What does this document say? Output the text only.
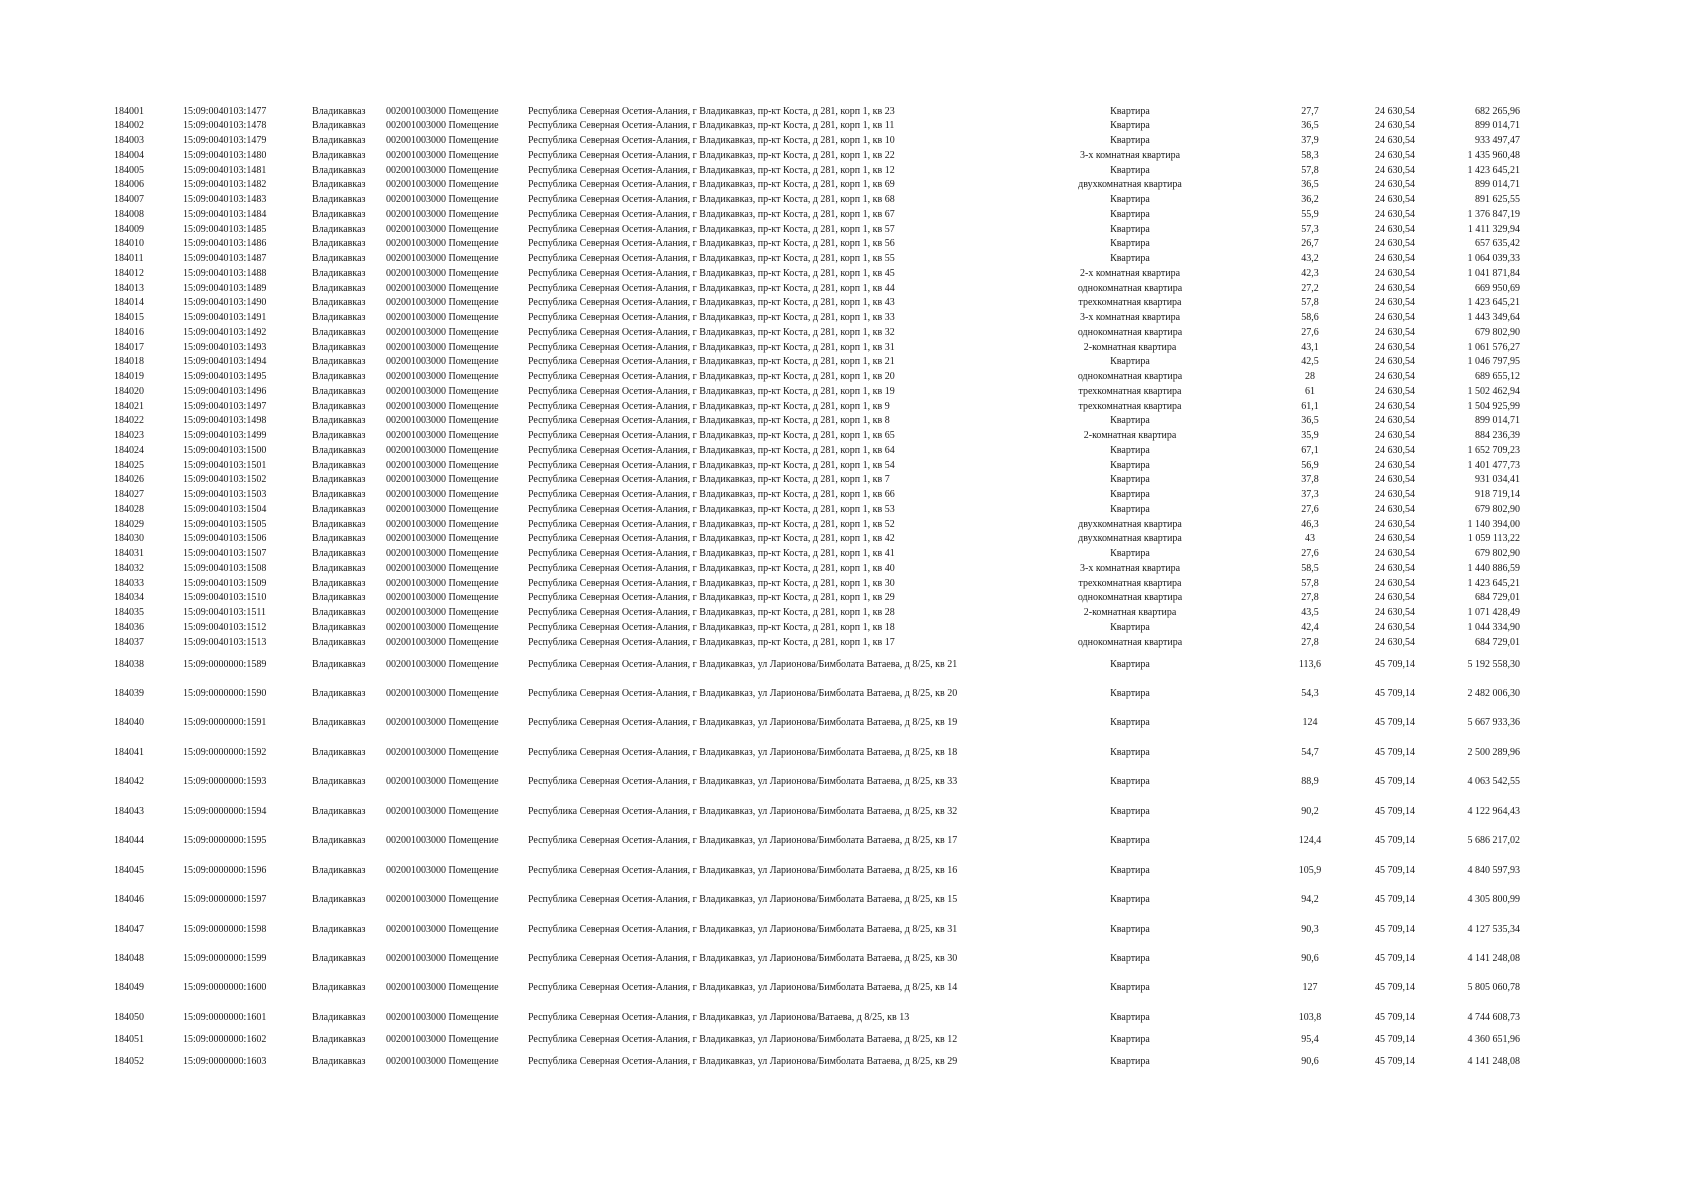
184001	15:09:0040103:1477	Владикавказ 002001003000 Помещение	Республика Северная Осетия-Алания, г Владикавказ, пр-кт Коста, д 281, корп 1, кв 23	Квартира	27,7	24 630,54	682 265,96
184002	15:09:0040103:1478	Владикавказ 002001003000 Помещение	Республика Северная Осетия-Алания, г Владикавказ, пр-кт Коста, д 281, корп 1, кв 11	Квартира	36,5	24 630,54	899 014,71
184003	15:09:0040103:1479	Владикавказ 002001003000 Помещение	Республика Северная Осетия-Алания, г Владикавказ, пр-кт Коста, д 281, корп 1, кв 10	Квартира	37,9	24 630,54	933 497,47
184004	15:09:0040103:1480	Владикавказ 002001003000 Помещение	Республика Северная Осетия-Алания, г Владикавказ, пр-кт Коста, д 281, корп 1, кв 22	3-х комнатная квартира	58,3	24 630,54	1 435 960,48
184005	15:09:0040103:1481	Владикавказ 002001003000 Помещение	Республика Северная Осетия-Алания, г Владикавказ, пр-кт Коста, д 281, корп 1, кв 12	Квартира	57,8	24 630,54	1 423 645,21
184006	15:09:0040103:1482	Владикавказ 002001003000 Помещение	Республика Северная Осетия-Алания, г Владикавказ, пр-кт Коста, д 281, корп 1, кв 69	двухкомнатная квартира	36,5	24 630,54	899 014,71
184007	15:09:0040103:1483	Владикавказ 002001003000 Помещение	Республика Северная Осетия-Алания, г Владикавказ, пр-кт Коста, д 281, корп 1, кв 68	Квартира	36,2	24 630,54	891 625,55
184008	15:09:0040103:1484	Владикавказ 002001003000 Помещение	Республика Северная Осетия-Алания, г Владикавказ, пр-кт Коста, д 281, корп 1, кв 67	Квартира	55,9	24 630,54	1 376 847,19
184009	15:09:0040103:1485	Владикавказ 002001003000 Помещение	Республика Северная Осетия-Алания, г Владикавказ, пр-кт Коста, д 281, корп 1, кв 57	Квартира	57,3	24 630,54	1 411 329,94
184010	15:09:0040103:1486	Владикавказ 002001003000 Помещение	Республика Северная Осетия-Алания, г Владикавказ, пр-кт Коста, д 281, корп 1, кв 56	Квартира	26,7	24 630,54	657 635,42
184011	15:09:0040103:1487	Владикавказ 002001003000 Помещение	Республика Северная Осетия-Алания, г Владикавказ, пр-кт Коста, д 281, корп 1, кв 55	Квартира	43,2	24 630,54	1 064 039,33
184012	15:09:0040103:1488	Владикавказ 002001003000 Помещение	Республика Северная Осетия-Алания, г Владикавказ, пр-кт Коста, д 281, корп 1, кв 45	2-х комнатная квартира	42,3	24 630,54	1 041 871,84
184013	15:09:0040103:1489	Владикавказ 002001003000 Помещение	Республика Северная Осетия-Алания, г Владикавказ, пр-кт Коста, д 281, корп 1, кв 44	однокомнатная квартира	27,2	24 630,54	669 950,69
184014	15:09:0040103:1490	Владикавказ 002001003000 Помещение	Республика Северная Осетия-Алания, г Владикавказ, пр-кт Коста, д 281, корп 1, кв 43	трехкомнатная квартира	57,8	24 630,54	1 423 645,21
184015	15:09:0040103:1491	Владикавказ 002001003000 Помещение	Республика Северная Осетия-Алания, г Владикавказ, пр-кт Коста, д 281, корп 1, кв 33	3-х комнатная квартира	58,6	24 630,54	1 443 349,64
184016	15:09:0040103:1492	Владикавказ 002001003000 Помещение	Республика Северная Осетия-Алания, г Владикавказ, пр-кт Коста, д 281, корп 1, кв 32	однокомнатная квартира	27,6	24 630,54	679 802,90
184017	15:09:0040103:1493	Владикавказ 002001003000 Помещение	Республика Северная Осетия-Алания, г Владикавказ, пр-кт Коста, д 281, корп 1, кв 31	2-комнатная квартира	43,1	24 630,54	1 061 576,27
184018	15:09:0040103:1494	Владикавказ 002001003000 Помещение	Республика Северная Осетия-Алания, г Владикавказ, пр-кт Коста, д 281, корп 1, кв 21	Квартира	42,5	24 630,54	1 046 797,95
184019	15:09:0040103:1495	Владикавказ 002001003000 Помещение	Республика Северная Осетия-Алания, г Владикавказ, пр-кт Коста, д 281, корп 1, кв 20	однокомнатная квартира	28	24 630,54	689 655,12
184020	15:09:0040103:1496	Владикавказ 002001003000 Помещение	Республика Северная Осетия-Алания, г Владикавказ, пр-кт Коста, д 281, корп 1, кв 19	трехкомнатная квартира	61	24 630,54	1 502 462,94
184021	15:09:0040103:1497	Владикавказ 002001003000 Помещение	Республика Северная Осетия-Алания, г Владикавказ, пр-кт Коста, д 281, корп 1, кв 9	трехкомнатная квартира	61,1	24 630,54	1 504 925,99
184022	15:09:0040103:1498	Владикавказ 002001003000 Помещение	Республика Северная Осетия-Алания, г Владикавказ, пр-кт Коста, д 281, корп 1, кв 8	Квартира	36,5	24 630,54	899 014,71
184023	15:09:0040103:1499	Владикавказ 002001003000 Помещение	Республика Северная Осетия-Алания, г Владикавказ, пр-кт Коста, д 281, корп 1, кв 65	2-комнатная квартира	35,9	24 630,54	884 236,39
184024	15:09:0040103:1500	Владикавказ 002001003000 Помещение	Республика Северная Осетия-Алания, г Владикавказ, пр-кт Коста, д 281, корп 1, кв 64	Квартира	67,1	24 630,54	1 652 709,23
184025	15:09:0040103:1501	Владикавказ 002001003000 Помещение	Республика Северная Осетия-Алания, г Владикавказ, пр-кт Коста, д 281, корп 1, кв 54	Квартира	56,9	24 630,54	1 401 477,73
184026	15:09:0040103:1502	Владикавказ 002001003000 Помещение	Республика Северная Осетия-Алания, г Владикавказ, пр-кт Коста, д 281, корп 1, кв 7	Квартира	37,8	24 630,54	931 034,41
184027	15:09:0040103:1503	Владикавказ 002001003000 Помещение	Республика Северная Осетия-Алания, г Владикавказ, пр-кт Коста, д 281, корп 1, кв 66	Квартира	37,3	24 630,54	918 719,14
184028	15:09:0040103:1504	Владикавказ 002001003000 Помещение	Республика Северная Осетия-Алания, г Владикавказ, пр-кт Коста, д 281, корп 1, кв 53	Квартира	27,6	24 630,54	679 802,90
184029	15:09:0040103:1505	Владикавказ 002001003000 Помещение	Республика Северная Осетия-Алания, г Владикавказ, пр-кт Коста, д 281, корп 1, кв 52	двухкомнатная квартира	46,3	24 630,54	1 140 394,00
184030	15:09:0040103:1506	Владикавказ 002001003000 Помещение	Республика Северная Осетия-Алания, г Владикавказ, пр-кт Коста, д 281, корп 1, кв 42	двухкомнатная квартира	43	24 630,54	1 059 113,22
184031	15:09:0040103:1507	Владикавказ 002001003000 Помещение	Республика Северная Осетия-Алания, г Владикавказ, пр-кт Коста, д 281, корп 1, кв 41	Квартира	27,6	24 630,54	679 802,90
184032	15:09:0040103:1508	Владикавказ 002001003000 Помещение	Республика Северная Осетия-Алания, г Владикавказ, пр-кт Коста, д 281, корп 1, кв 40	3-х комнатная квартира	58,5	24 630,54	1 440 886,59
184033	15:09:0040103:1509	Владикавказ 002001003000 Помещение	Республика Северная Осетия-Алания, г Владикавказ, пр-кт Коста, д 281, корп 1, кв 30	трехкомнатная квартира	57,8	24 630,54	1 423 645,21
184034	15:09:0040103:1510	Владикавказ 002001003000 Помещение	Республика Северная Осетия-Алания, г Владикавказ, пр-кт Коста, д 281, корп 1, кв 29	однокомнатная квартира	27,8	24 630,54	684 729,01
184035	15:09:0040103:1511	Владикавказ 002001003000 Помещение	Республика Северная Осетия-Алания, г Владикавказ, пр-кт Коста, д 281, корп 1, кв 28	2-комнатная квартира	43,5	24 630,54	1 071 428,49
184036	15:09:0040103:1512	Владикавказ 002001003000 Помещение	Республика Северная Осетия-Алания, г Владикавказ, пр-кт Коста, д 281, корп 1, кв 18	Квартира	42,4	24 630,54	1 044 334,90
184037	15:09:0040103:1513	Владикавказ 002001003000 Помещение	Республика Северная Осетия-Алания, г Владикавказ, пр-кт Коста, д 281, корп 1, кв 17	однокомнатная квартира	27,8	24 630,54	684 729,01
184038	15:09:0000000:1589	Владикавказ 002001003000 Помещение	Республика Северная Осетия-Алания, г Владикавказ, ул Ларионова/Бимболата Ватаева, д 8/25, кв 21	Квартира	113,6	45 709,14	5 192 558,30
184039	15:09:0000000:1590	Владикавказ 002001003000 Помещение	Республика Северная Осетия-Алания, г Владикавказ, ул Ларионова/Бимболата Ватаева, д 8/25, кв 20	Квартира	54,3	45 709,14	2 482 006,30
184040	15:09:0000000:1591	Владикавказ 002001003000 Помещение	Республика Северная Осетия-Алания, г Владикавказ, ул Ларионова/Бимболата Ватаева, д 8/25, кв 19	Квартира	124	45 709,14	5 667 933,36
184041	15:09:0000000:1592	Владикавказ 002001003000 Помещение	Республика Северная Осетия-Алания, г Владикавказ, ул Ларионова/Бимболата Ватаева, д 8/25, кв 18	Квартира	54,7	45 709,14	2 500 289,96
184042	15:09:0000000:1593	Владикавказ 002001003000 Помещение	Республика Северная Осетия-Алания, г Владикавказ, ул Ларионова/Бимболата Ватаева, д 8/25, кв 33	Квартира	88,9	45 709,14	4 063 542,55
184043	15:09:0000000:1594	Владикавказ 002001003000 Помещение	Республика Северная Осетия-Алания, г Владикавказ, ул Ларионова/Бимболата Ватаева, д 8/25, кв 32	Квартира	90,2	45 709,14	4 122 964,43
184044	15:09:0000000:1595	Владикавказ 002001003000 Помещение	Республика Северная Осетия-Алания, г Владикавказ, ул Ларионова/Бимболата Ватаева, д 8/25, кв 17	Квартира	124,4	45 709,14	5 686 217,02
184045	15:09:0000000:1596	Владикавказ 002001003000 Помещение	Республика Северная Осетия-Алания, г Владикавказ, ул Ларионова/Бимболата Ватаева, д 8/25, кв 16	Квартира	105,9	45 709,14	4 840 597,93
184046	15:09:0000000:1597	Владикавказ 002001003000 Помещение	Республика Северная Осетия-Алания, г Владикавказ, ул Ларионова/Бимболата Ватаева, д 8/25, кв 15	Квартира	94,2	45 709,14	4 305 800,99
184047	15:09:0000000:1598	Владикавказ 002001003000 Помещение	Республика Северная Осетия-Алания, г Владикавказ, ул Ларионова/Бимболата Ватаева, д 8/25, кв 31	Квартира	90,3	45 709,14	4 127 535,34
184048	15:09:0000000:1599	Владикавказ 002001003000 Помещение	Республика Северная Осетия-Алания, г Владикавказ, ул Ларионова/Бимболата Ватаева, д 8/25, кв 30	Квартира	90,6	45 709,14	4 141 248,08
184049	15:09:0000000:1600	Владикавказ 002001003000 Помещение	Республика Северная Осетия-Алания, г Владикавказ, ул Ларионова/Бимболата Ватаева, д 8/25, кв 14	Квартира	127	45 709,14	5 805 060,78
184050	15:09:0000000:1601	Владикавказ 002001003000 Помещение	Республика Северная Осетия-Алания, г Владикавказ, ул Ларионова/Ватаева, д 8/25, кв 13	Квартира	103,8	45 709,14	4 744 608,73
184051	15:09:0000000:1602	Владикавказ 002001003000 Помещение	Республика Северная Осетия-Алания, г Владикавказ, ул Ларионова/Бимболата Ватаева, д 8/25, кв 12	Квартира	95,4	45 709,14	4 360 651,96
184052	15:09:0000000:1603	Владикавказ 002001003000 Помещение	Республика Северная Осетия-Алания, г Владикавказ, ул Ларионова/Бимболата Ватаева, д 8/25, кв 29	Квартира	90,6	45 709,14	4 141 248,08
